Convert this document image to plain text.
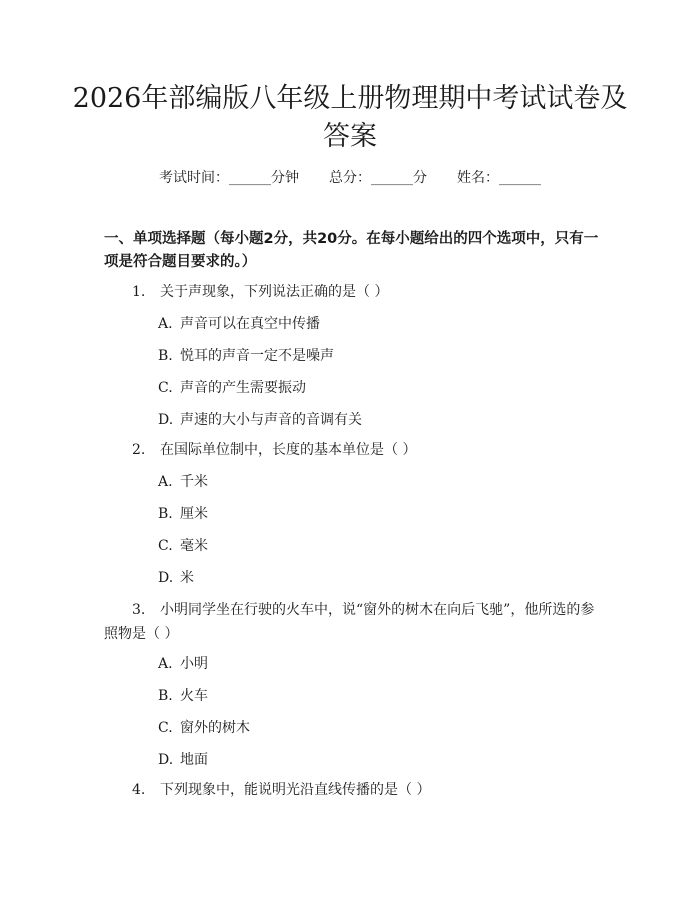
2026年部编版八年级上册物理期中考试试卷及答案
考试时间：______分钟 总分：______分 姓名：______

一、单项选择题（每小题2分，共20分。在每小题给出的四个选项中，只有一项是符合题目要求的。）

1. 关于声现象，下列说法正确的是（ ）
A. 声音可以在真空中传播
B. 悦耳的声音一定不是噪声
C. 声音的产生需要振动
D. 声速的大小与声音的音调有关
2. 在国际单位制中，长度的基本单位是（ ）
A. 千米
B. 厘米
C. 毫米
D. 米
3. 小明同学坐在行驶的火车中，说“窗外的树木在向后飞驰”，他所选的参
照物是（ ）
A. 小明
B. 火车
C. 窗外的树木
D. 地面
4. 下列现象中，能说明光沿直线传播的是（ ）
